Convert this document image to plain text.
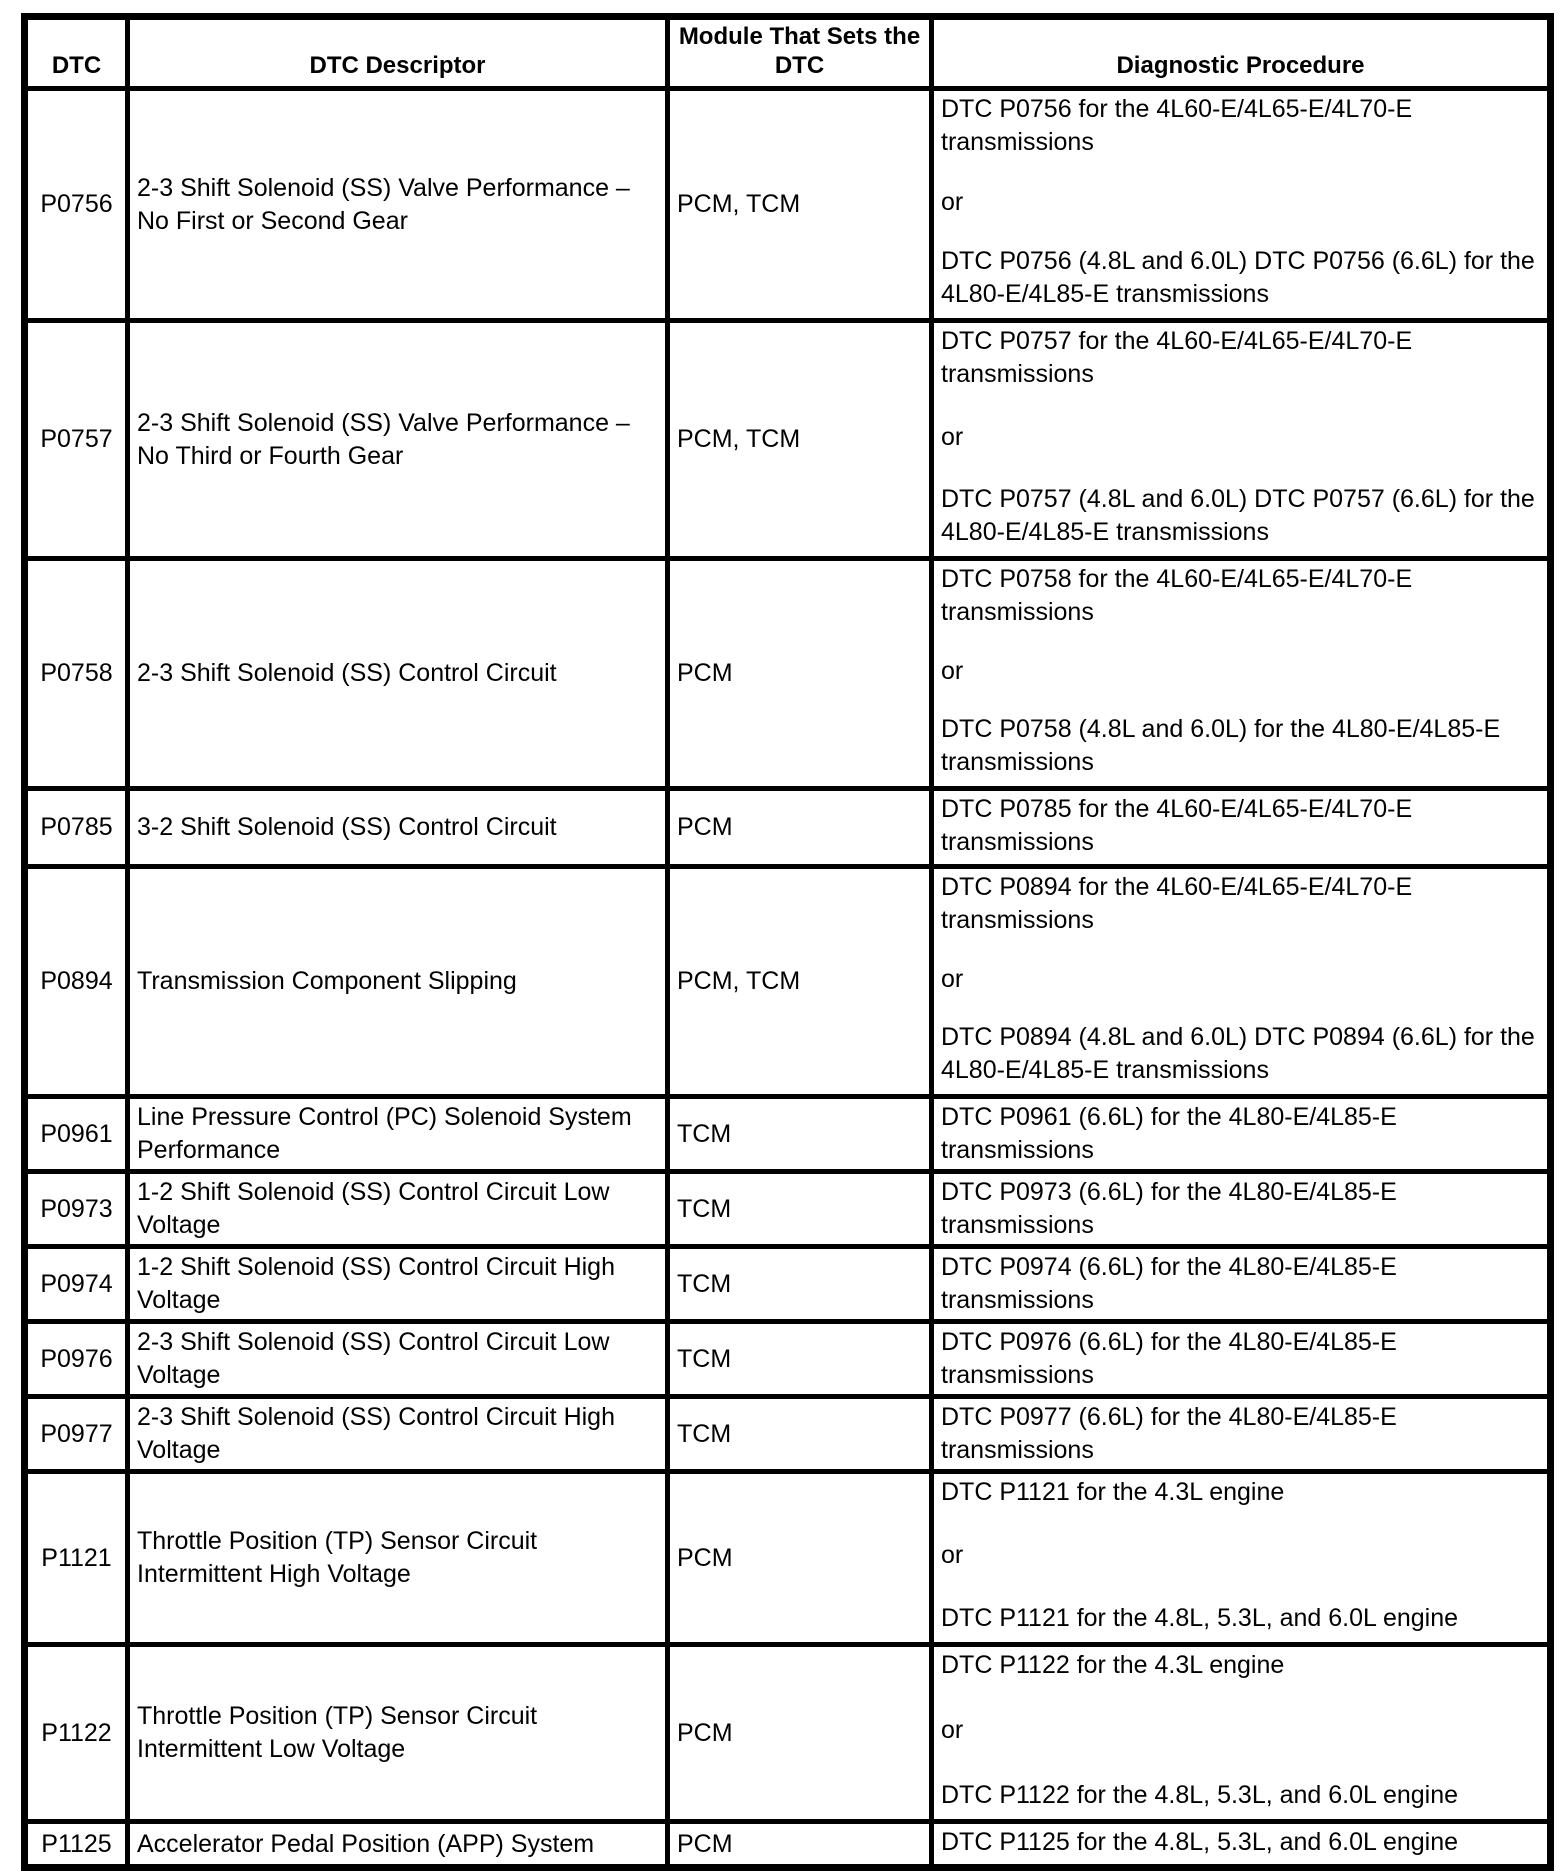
DTC	DTC Descriptor	Module That Sets the DTC	Diagnostic Procedure
P0756	2-3 Shift Solenoid (SS) Valve Performance – No First or Second Gear	PCM, TCM	DTC P0756 for the 4L60-E/4L65-E/4L70-E transmissions
or
DTC P0756 (4.8L and 6.0L) DTC P0756 (6.6L) for the 4L80-E/4L85-E transmissions

P0757	2-3 Shift Solenoid (SS) Valve Performance – No Third or Fourth Gear	PCM, TCM	DTC P0757 for the 4L60-E/4L65-E/4L70-E transmissions
or
DTC P0757 (4.8L and 6.0L) DTC P0757 (6.6L) for the 4L80-E/4L85-E transmissions

P0758	2-3 Shift Solenoid (SS) Control Circuit	PCM	DTC P0758 for the 4L60-E/4L65-E/4L70-E transmissions
or
DTC P0758 (4.8L and 6.0L) for the 4L80-E/4L85-E transmissions

P0785	3-2 Shift Solenoid (SS) Control Circuit	PCM	DTC P0785 for the 4L60-E/4L65-E/4L70-E transmissions

P0894	Transmission Component Slipping	PCM, TCM	DTC P0894 for the 4L60-E/4L65-E/4L70-E transmissions
or
DTC P0894 (4.8L and 6.0L) DTC P0894 (6.6L) for the 4L80-E/4L85-E transmissions

P0961	Line Pressure Control (PC) Solenoid System Performance	TCM	DTC P0961 (6.6L) for the 4L80-E/4L85-E transmissions

P0973	1-2 Shift Solenoid (SS) Control Circuit Low Voltage	TCM	DTC P0973 (6.6L) for the 4L80-E/4L85-E transmissions

P0974	1-2 Shift Solenoid (SS) Control Circuit High Voltage	TCM	DTC P0974 (6.6L) for the 4L80-E/4L85-E transmissions

P0976	2-3 Shift Solenoid (SS) Control Circuit Low Voltage	TCM	DTC P0976 (6.6L) for the 4L80-E/4L85-E transmissions

P0977	2-3 Shift Solenoid (SS) Control Circuit High Voltage	TCM	DTC P0977 (6.6L) for the 4L80-E/4L85-E transmissions

P1121	Throttle Position (TP) Sensor Circuit Intermittent High Voltage	PCM	DTC P1121 for the 4.3L engine
or
DTC P1121 for the 4.8L, 5.3L, and 6.0L engine

P1122	Throttle Position (TP) Sensor Circuit Intermittent Low Voltage	PCM	DTC P1122 for the 4.3L engine
or
DTC P1122 for the 4.8L, 5.3L, and 6.0L engine

P1125	Accelerator Pedal Position (APP) System	PCM	DTC P1125 for the 4.8L, 5.3L, and 6.0L engine
